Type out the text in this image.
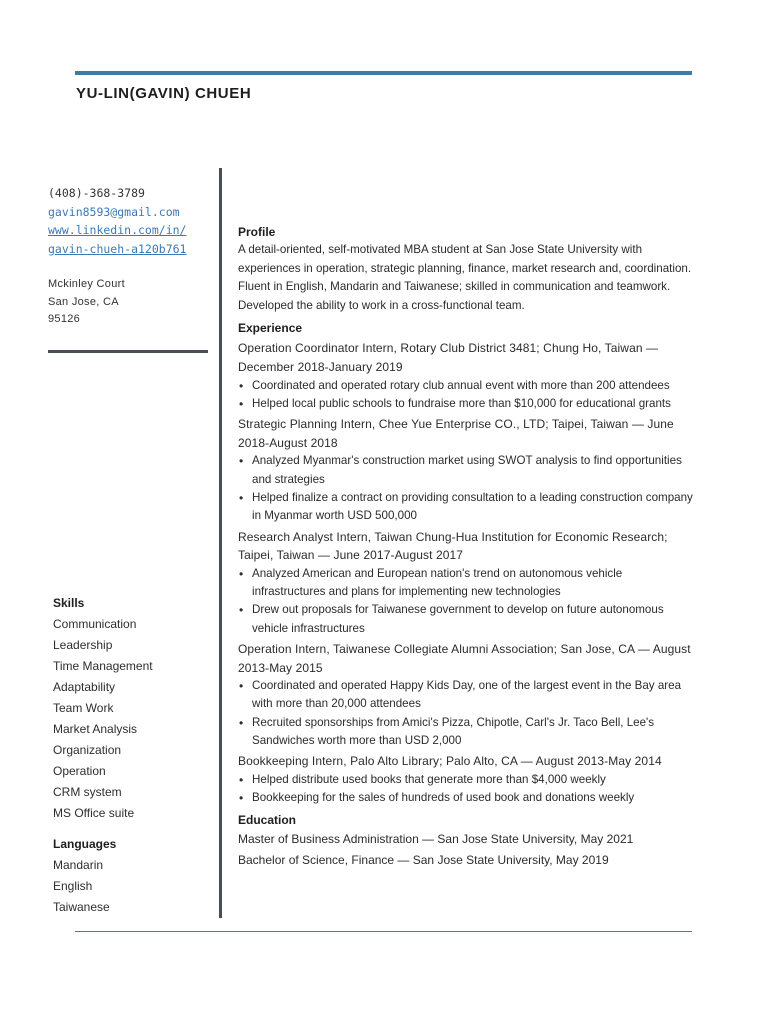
YU-LIN(GAVIN) CHUEH
(408)-368-3789
gavin8593@gmail.com
www.linkedin.com/in/
gavin-chueh-a120b761
Mckinley Court
San Jose, CA
95126
Skills
Communication
Leadership
Time Management
Adaptability
Team Work
Market Analysis
Organization
Operation
CRM system
MS Office suite
Languages
Mandarin
English
Taiwanese
Profile
A detail-oriented, self-motivated MBA student at San Jose State University with experiences in operation, strategic planning, finance, market research and, coordination. Fluent in English, Mandarin and Taiwanese; skilled in communication and teamwork. Developed the ability to work in a cross-functional team.
Experience
Operation Coordinator Intern, Rotary Club District 3481; Chung Ho, Taiwan — December 2018-January 2019
• Coordinated and operated rotary club annual event with more than 200 attendees
• Helped local public schools to fundraise more than $10,000 for educational grants
Strategic Planning Intern, Chee Yue Enterprise CO., LTD; Taipei, Taiwan — June 2018-August 2018
• Analyzed Myanmar's construction market using SWOT analysis to find opportunities and strategies
• Helped finalize a contract on providing consultation to a leading construction company in Myanmar worth USD 500,000
Research Analyst Intern, Taiwan Chung-Hua Institution for Economic Research; Taipei, Taiwan — June 2017-August 2017
• Analyzed American and European nation's trend on autonomous vehicle infrastructures and plans for implementing new technologies
• Drew out proposals for Taiwanese government to develop on future autonomous vehicle infrastructures
Operation Intern, Taiwanese Collegiate Alumni Association; San Jose, CA — August 2013-May 2015
• Coordinated and operated Happy Kids Day, one of the largest event in the Bay area with more than 20,000 attendees
• Recruited sponsorships from Amici's Pizza, Chipotle, Carl's Jr. Taco Bell, Lee's Sandwiches worth more than USD 2,000
Bookkeeping Intern, Palo Alto Library; Palo Alto, CA — August 2013-May 2014
• Helped distribute used books that generate more than $4,000 weekly
• Bookkeeping for the sales of hundreds of used book and donations weekly
Education
Master of Business Administration — San Jose State University, May 2021
Bachelor of Science, Finance — San Jose State University, May 2019
